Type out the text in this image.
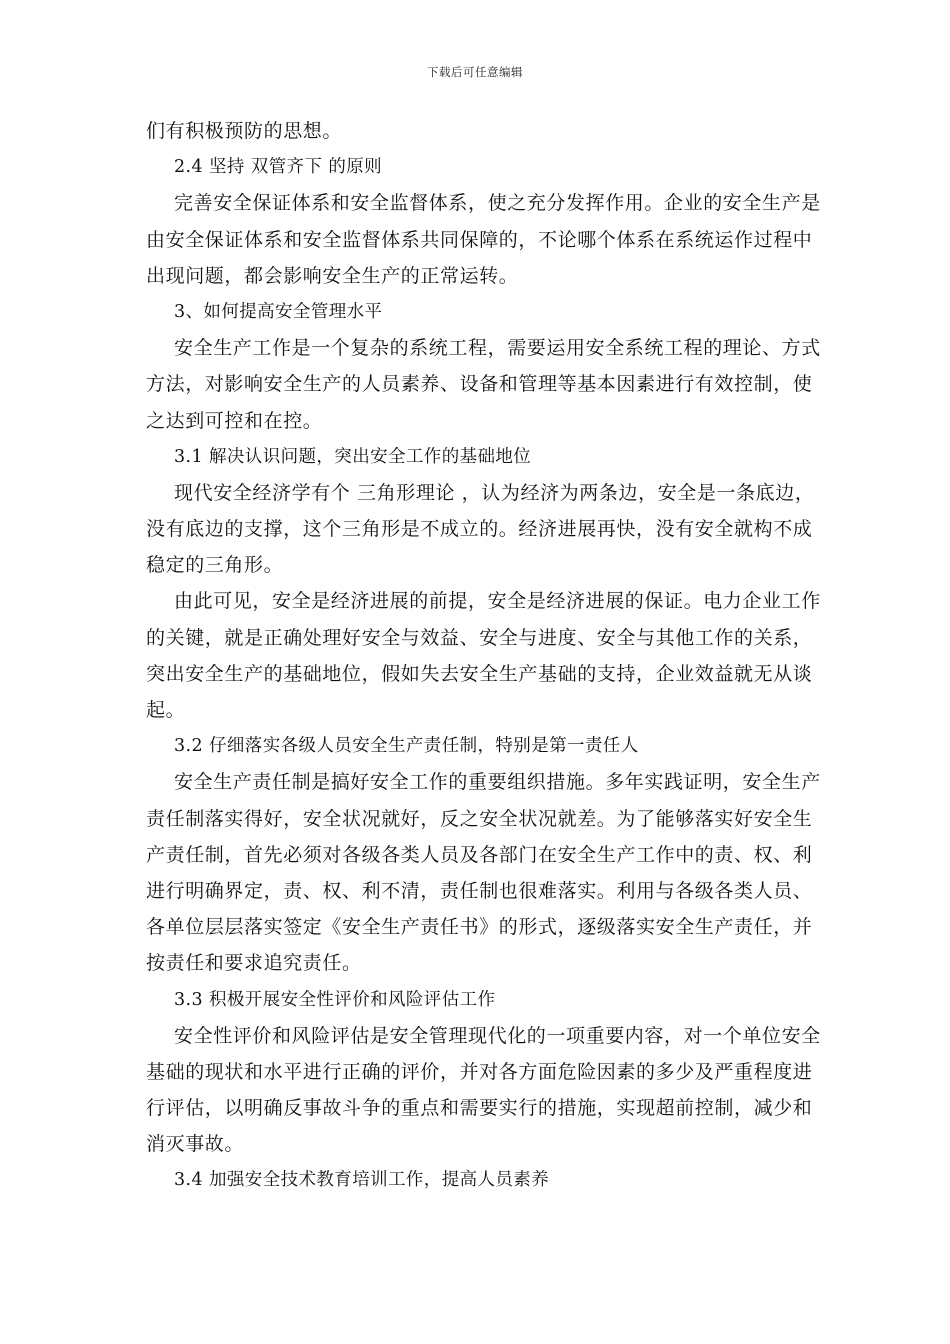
下载后可任意编辑
们有积极预防的思想。
2.4 坚持 双管齐下 的原则
完善安全保证体系和安全监督体系，使之充分发挥作用。企业的安全生产是
由安全保证体系和安全监督体系共同保障的，不论哪个体系在系统运作过程中
出现问题，都会影响安全生产的正常运转。
3、如何提高安全管理水平
安全生产工作是一个复杂的系统工程，需要运用安全系统工程的理论、方式
方法，对影响安全生产的人员素养、设备和管理等基本因素进行有效控制，使
之达到可控和在控。
3.1 解决认识问题，突出安全工作的基础地位
现代安全经济学有个 三角形理论 ，认为经济为两条边，安全是一条底边，
没有底边的支撑，这个三角形是不成立的。经济进展再快，没有安全就构不成
稳定的三角形。
由此可见，安全是经济进展的前提，安全是经济进展的保证。电力企业工作
的关键，就是正确处理好安全与效益、安全与进度、安全与其他工作的关系，
突出安全生产的基础地位，假如失去安全生产基础的支持，企业效益就无从谈
起。
3.2 仔细落实各级人员安全生产责任制，特别是第一责任人
安全生产责任制是搞好安全工作的重要组织措施。多年实践证明，安全生产
责任制落实得好，安全状况就好，反之安全状况就差。为了能够落实好安全生
产责任制，首先必须对各级各类人员及各部门在安全生产工作中的责、权、利
进行明确界定，责、权、利不清，责任制也很难落实。利用与各级各类人员、
各单位层层落实签定《安全生产责任书》的形式，逐级落实安全生产责任，并
按责任和要求追究责任。
3.3 积极开展安全性评价和风险评估工作
安全性评价和风险评估是安全管理现代化的一项重要内容，对一个单位安全
基础的现状和水平进行正确的评价，并对各方面危险因素的多少及严重程度进
行评估，以明确反事故斗争的重点和需要实行的措施，实现超前控制，减少和
消灭事故。
3.4 加强安全技术教育培训工作，提高人员素养
